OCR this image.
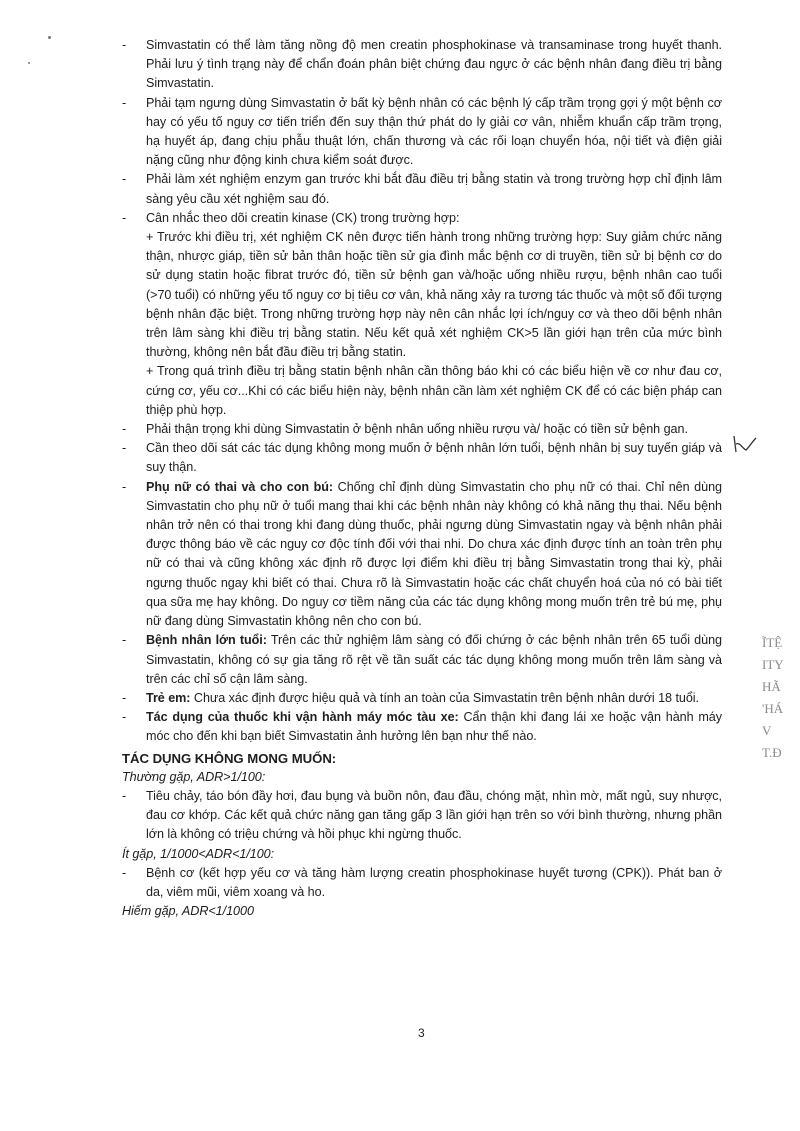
- Simvastatin có thể làm tăng nồng độ men creatin phosphokinase và transaminase trong huyết thanh. Phải lưu ý tình trạng này để chẩn đoán phân biệt chứng đau ngực ở các bệnh nhân đang điều trị bằng Simvastatin.
- Phải tạm ngưng dùng Simvastatin ở bất kỳ bệnh nhân có các bệnh lý cấp trầm trọng gợi ý một bệnh cơ hay có yếu tố nguy cơ tiến triển đến suy thận thứ phát do ly giải cơ vân, nhiễm khuẩn cấp trầm trọng, hạ huyết áp, đang chịu phẫu thuật lớn, chấn thương và các rối loạn chuyển hóa, nội tiết và điện giải nặng cũng như động kinh chưa kiểm soát được.
- Phải làm xét nghiệm enzym gan trước khi bắt đầu điều trị bằng statin và trong trường hợp chỉ định lâm sàng yêu cầu xét nghiệm sau đó.
- Cân nhắc theo dõi creatin kinase (CK) trong trường hợp:

+ Trước khi điều trị, xét nghiệm CK nên được tiến hành trong những trường hợp: Suy giảm chức năng thận, nhược giáp, tiền sử bản thân hoặc tiền sử gia đình mắc bệnh cơ di truyền, tiền sử bị bệnh cơ do sử dụng statin hoặc fibrat trước đó, tiền sử bệnh gan và/hoặc uống nhiều rượu, bệnh nhân cao tuổi (>70 tuổi) có những yếu tố nguy cơ bị tiêu cơ vân, khả năng xảy ra tương tác thuốc và một số đối tượng bệnh nhân đặc biệt. Trong những trường hợp này nên cân nhắc lợi ích/nguy cơ và theo dõi bệnh nhân trên lâm sàng khi điều trị bằng statin. Nếu kết quả xét nghiệm CK>5 lần giới hạn trên của mức bình thường, không nên bắt đầu điều trị bằng statin.

+ Trong quá trình điều trị bằng statin bệnh nhân cần thông báo khi có các biểu hiện về cơ như đau cơ, cứng cơ, yếu cơ...Khi có các biểu hiện này, bệnh nhân cần làm xét nghiệm CK để có các biện pháp can thiệp phù hợp.

- Phải thận trọng khi dùng Simvastatin ở bệnh nhân uống nhiều rượu và/ hoặc có tiền sử bệnh gan.
- Cần theo dõi sát các tác dụng không mong muốn ở bệnh nhân lớn tuổi, bệnh nhân bị suy tuyến giáp và suy thận.
- Phụ nữ có thai và cho con bú: Chống chỉ định dùng Simvastatin cho phụ nữ có thai. Chỉ nên dùng Simvastatin cho phụ nữ ở tuổi mang thai khi các bệnh nhân này không có khả năng thụ thai. Nếu bệnh nhân trở nên có thai trong khi đang dùng thuốc, phải ngưng dùng Simvastatin ngay và bệnh nhân phải được thông báo về các nguy cơ độc tính đối với thai nhi. Do chưa xác định được tính an toàn trên phụ nữ có thai và cũng không xác định rõ được lợi điểm khi điều trị bằng Simvastatin trong thai kỳ, phải ngưng thuốc ngay khi biết có thai. Chưa rõ là Simvastatin hoặc các chất chuyển hoá của nó có bài tiết qua sữa mẹ hay không. Do nguy cơ tiềm năng của các tác dụng không mong muốn trên trẻ bú mẹ, phụ nữ đang dùng Simvastatin không nên cho con bú.
- Bệnh nhân lớn tuổi: Trên các thử nghiệm lâm sàng có đối chứng ở các bệnh nhân trên 65 tuổi dùng Simvastatin, không có sự gia tăng rõ rệt về tần suất các tác dụng không mong muốn trên lâm sàng và trên các chỉ số cận lâm sàng.
- Trẻ em: Chưa xác định được hiệu quả và tính an toàn của Simvastatin trên bệnh nhân dưới 18 tuổi.
- Tác dụng của thuốc khi vận hành máy móc tàu xe: Cẩn thận khi đang lái xe hoặc vận hành máy móc cho đến khi bạn biết Simvastatin ảnh hưởng lên bạn như thế nào.

TÁC DỤNG KHÔNG MONG MUỐN:

Thường gặp, ADR>1/100:

- Tiêu chảy, táo bón đầy hơi, đau bụng và buồn nôn, đau đầu, chóng mặt, nhìn mờ, mất ngủ, suy nhược, đau cơ khớp. Các kết quả chức năng gan tăng gấp 3 lần giới hạn trên so với bình thường, nhưng phần lớn là không có triệu chứng và hồi phục khi ngừng thuốc.

Ít gặp, 1/1000<ADR<1/100:

- Bệnh cơ (kết hợp yếu cơ và tăng hàm lượng creatin phosphokinase huyết tương (CPK)). Phát ban ở da, viêm mũi, viêm xoang và ho.

Hiếm gặp, ADR<1/1000

ĨTỆ
ITY
HÃ
'HÁ
V
T.Đ
3
